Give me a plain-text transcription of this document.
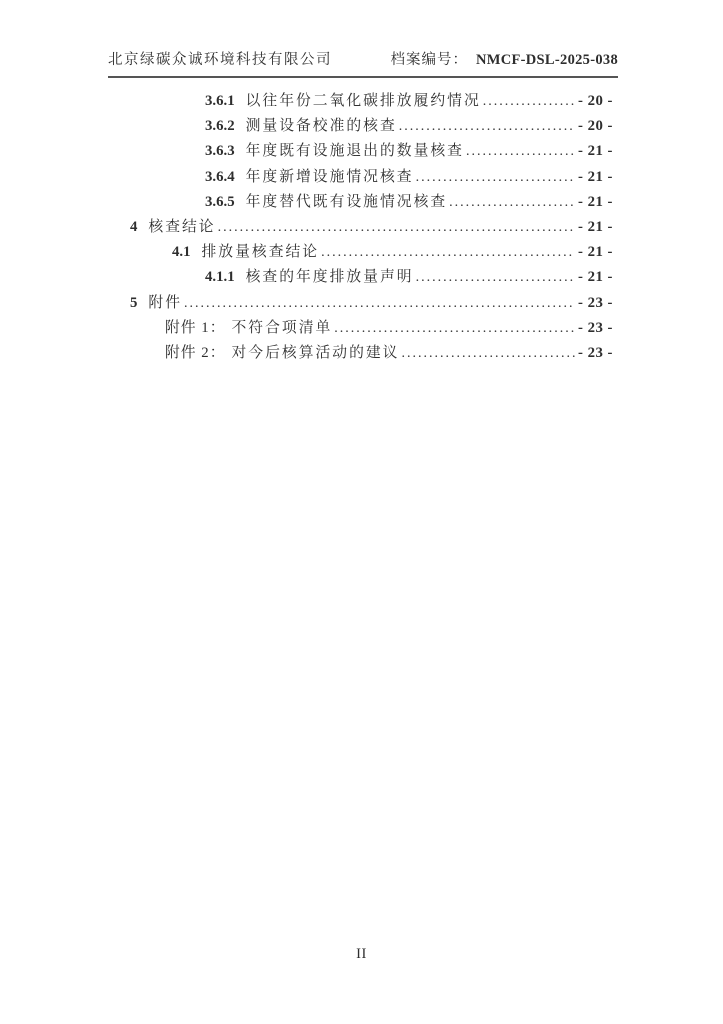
北京绿碳众诚环境科技有限公司	档案编号： NMCF-DSL-2025-038
3.6.1 以往年份二氧化碳排放履约情况 .....	- 20 -
3.6.2 测量设备校准的核查 .....	- 20 -
3.6.3 年度既有设施退出的数量核查 .....	- 21 -
3.6.4 年度新增设施情况核查 .....	- 21 -
3.6.5 年度替代既有设施情况核查 .....	- 21 -
4 核查结论 .....	- 21 -
4.1 排放量核查结论 .....	- 21 -
4.1.1 核查的年度排放量声明 .....	- 21 -
5 附件 .....	- 23 -
附件 1： 不符合项清单 .....	- 23 -
附件 2： 对今后核算活动的建议 .....	- 23 -
II
